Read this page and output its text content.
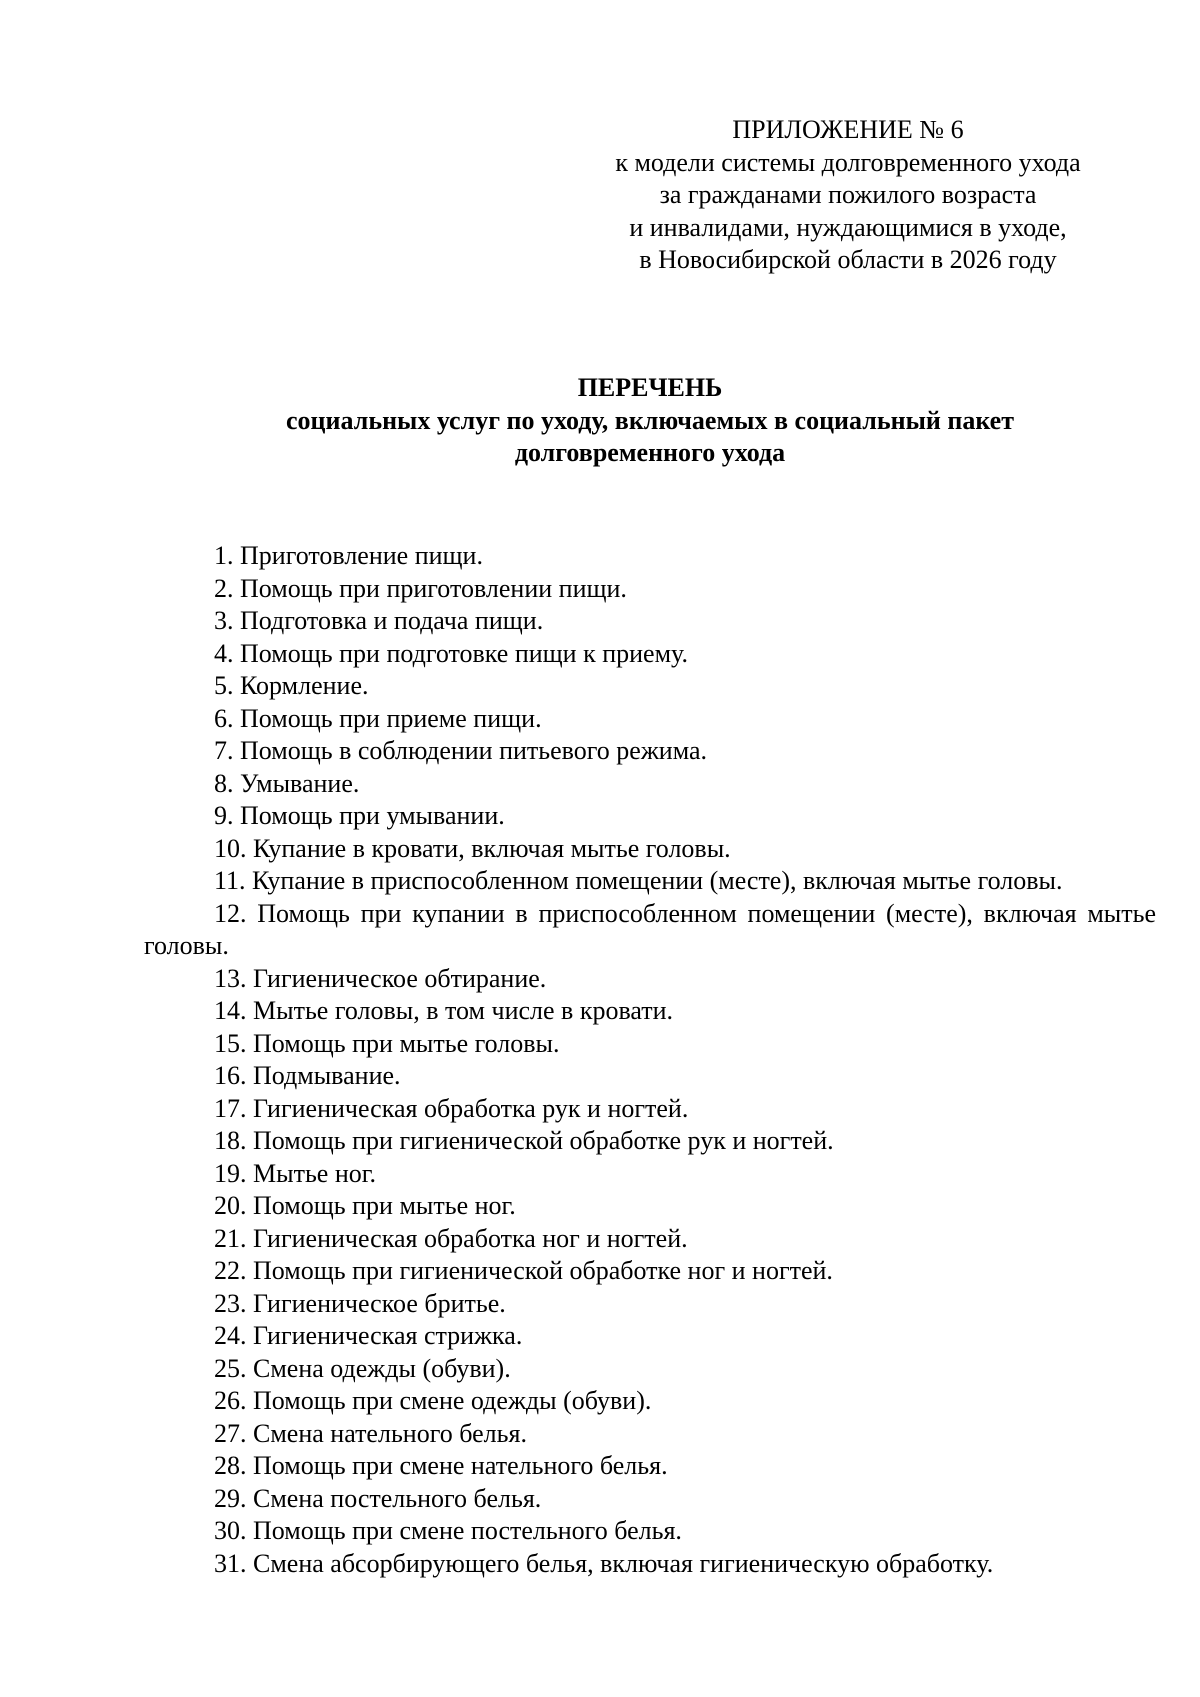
ПРИЛОЖЕНИЕ № 6
к модели системы долговременного ухода
за гражданами пожилого возраста
и инвалидами, нуждающимися в уходе,
в Новосибирской области в 2026 году
ПЕРЕЧЕНЬ
социальных услуг по уходу, включаемых в социальный пакет
долговременного ухода
1. Приготовление пищи.
2. Помощь при приготовлении пищи.
3. Подготовка и подача пищи.
4. Помощь при подготовке пищи к приему.
5. Кормление.
6. Помощь при приеме пищи.
7. Помощь в соблюдении питьевого режима.
8. Умывание.
9. Помощь при умывании.
10. Купание в кровати, включая мытье головы.
11. Купание в приспособленном помещении (месте), включая мытье головы.
12. Помощь при купании в приспособленном помещении (месте), включая мытье головы.
13. Гигиеническое обтирание.
14. Мытье головы, в том числе в кровати.
15. Помощь при мытье головы.
16. Подмывание.
17. Гигиеническая обработка рук и ногтей.
18. Помощь при гигиенической обработке рук и ногтей.
19. Мытье ног.
20. Помощь при мытье ног.
21. Гигиеническая обработка ног и ногтей.
22. Помощь при гигиенической обработке ног и ногтей.
23. Гигиеническое бритье.
24. Гигиеническая стрижка.
25. Смена одежды (обуви).
26. Помощь при смене одежды (обуви).
27. Смена нательного белья.
28. Помощь при смене нательного белья.
29. Смена постельного белья.
30. Помощь при смене постельного белья.
31. Смена абсорбирующего белья, включая гигиеническую обработку.
